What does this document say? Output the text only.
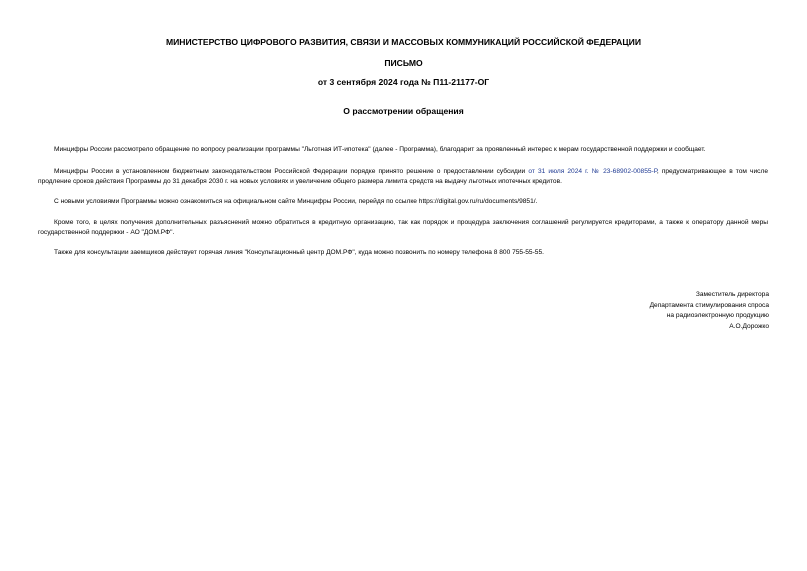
МИНИСТЕРСТВО ЦИФРОВОГО РАЗВИТИЯ, СВЯЗИ И МАССОВЫХ КОММУНИКАЦИЙ РОССИЙСКОЙ ФЕДЕРАЦИИ
ПИСЬМО
от 3 сентября 2024 года № П11-21177-ОГ
О рассмотрении обращения

Минцифры России рассмотрело обращение по вопросу реализации программы "Льготная ИТ-ипотека" (далее - Программа), благодарит за проявленный интерес к мерам государственной поддержки и сообщает.

Минцифры России в установленном бюджетным законодательством Российской Федерации порядке принято решение о предоставлении субсидии от 31 июля 2024 г. № 23-68902-00855-Р, предусматривающее в том числе продление сроков действия Программы до 31 декабря 2030 г. на новых условиях и увеличение общего размера лимита средств на выдачу льготных ипотечных кредитов.

С новыми условиями Программы можно ознакомиться на официальном сайте Минцифры России, перейдя по ссылке https://digital.gov.ru/ru/documents/9851/.

Кроме того, в целях получения дополнительных разъяснений можно обратиться в кредитную организацию, так как порядок и процедура заключения соглашений регулируется кредиторами, а также к оператору данной меры государственной поддержки - АО "ДОМ.РФ".

Также для консультации заемщиков действует горячая линия "Консультационный центр ДОМ.РФ", куда можно позвонить по номеру телефона 8 800 755-55-55.

Заместитель директора
Департамента стимулирования спроса
на радиоэлектронную продукцию
А.О.Дорожко
